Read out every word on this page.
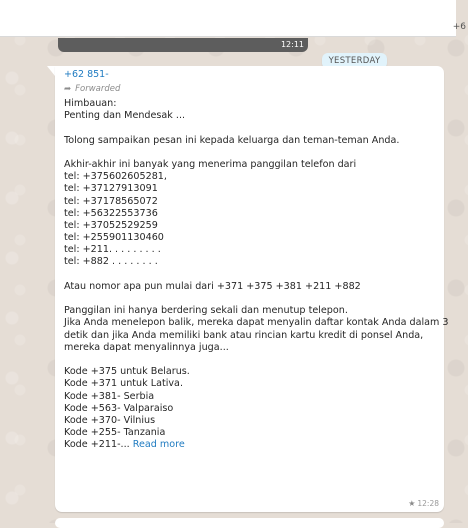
+6
12:11
YESTERDAY
+62 851-
➦ Forwarded
Himbauan:
Penting dan Mendesak ...
Tolong sampaikan pesan ini kepada keluarga dan teman-teman Anda.
Akhir-akhir ini banyak yang menerima panggilan telefon dari
tel: +375602605281,
tel: +37127913091
tel: +37178565072
tel: +56322553736
tel: +37052529259
tel: +255901130460
tel: +211. . . . . . . . .
tel: +882 . . . . . . . .
Atau nomor apa pun mulai dari +371 +375 +381 +211 +882
Panggilan ini hanya berdering sekali dan menutup telepon.
Jika Anda menelepon balik, mereka dapat menyalin daftar kontak Anda dalam 3
detik dan jika Anda memiliki bank atau rincian kartu kredit di ponsel Anda,
mereka dapat menyalinnya juga...
Kode +375 untuk Belarus.
Kode +371 untuk Lativa.
Kode +381- Serbia
Kode +563- Valparaiso
Kode +370- Vilnius
Kode +255- Tanzania
Kode +211-... Read more
★ 12:28
